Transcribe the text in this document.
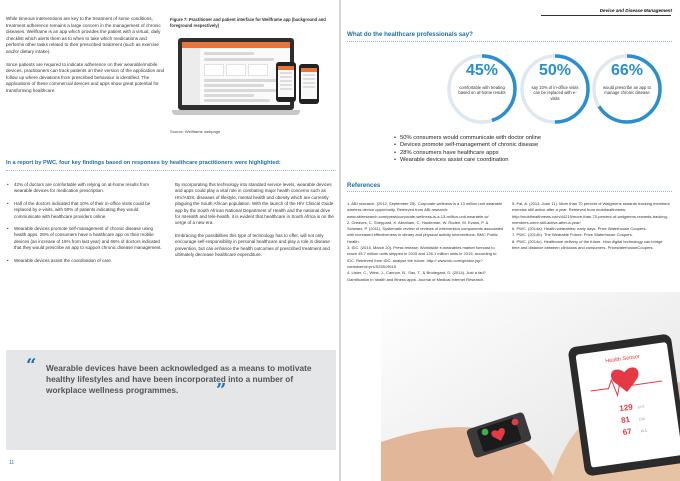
While timeous interventions are key to the treatment of some conditions, treatment adherence remains a large concern in the management of chronic diseases. Wellframe is an app which provides the patient with a virtual, daily checklist which alerts them as to when to take which medications and performs other tasks related to their prescribed treatment (such as exercise and/or dietary intake).

Since patients are required to indicate adherence on their wearable/mobile devices, practitioners can track patients on their version of the application and follow up where deviations from prescribed behaviour is identified. The applications of these commercial devices and apps show great potential for transforming healthcare.

Figure 7: Practitioner and patient interface for Wellframe app (background and foreground respectively)
Source: Wellframe webpage
In a report by PWC, four key findings based on responses by healthcare practitioners were highlighted:
• 42% of doctors are comfortable with relying on at-home results from wearable devices for medication prescription.
• Half of the doctors indicated that 10% of their in-office visits could be replaced by e-visits, with 50% of patients indicating they would communicate with healthcare providers online.
• Wearable devices promote self-management of chronic disease using health apps. 28% of consumers have a healthcare app on their mobile devices (an increase of 16% from last year) and 66% of doctors indicated that they would prescribe an app to support chronic disease management.
• Wearable devices assist the coordination of care.

By incorporating this technology into standard service levels, wearable devices and apps could play a vital role in combating major health concerns such as HIV/AIDS, diseases of lifestyle, mental health and obesity which are currently plaguing the South African population. With the launch of the HIV Clinical Guide app by the South African National Department of Health and the national drive for mHealth and tele-health, it is evident that healthcare in South Africa is on the verge of a new era.

Embracing the possibilities this type of technology has to offer, will not only encourage self-responsibility in personal healthcare and play a role in disease prevention, but can enhance the health outcomes of prescribed treatment and ultimately decrease healthcare expenditure.

“ Wearable devices have been acknowledged as a means to motivate healthy lifestyles and have been incorporated into a number of workplace wellness programmes.	”
11
Device and Disease Management
What do the healthcare professionals say?
45%
comfortable with treating based on at-home results
50%
say 10% of in-office visits can be replaced with e-visits
66%
would prescribe an app to manage chronic disease
• 50% consumers would communicate with doctor online
• Devices promote self-management of chronic disease
• 28% consumers have healthcare apps
• Wearable devices assist care coordination
References

1. ABI research. (2012, September 25). Corporate wellness is a 13 million unit wearable wireless device opportunity. Retrieved from ABI research: www.abiresearch.com/press/corporate-wellness-is-a-13-million-unit-wearable-w/

2. Greaves, C. Sheppard, K. Abraham, C. Hardeman, W. Roden, M. Evans, P. & Schwarz, P. (2011). Systematic review of reviews of intervention components associated with increased effectiveness in dietary and physical activity interventions. BMC Public Health.

3. IDC. (2015, March 20). Press release: Worldwide e-wearables market forecast to reach 45.7 million units shipped in 2015 and 126.1 million units in 2019, according to IDC. Retrieved from IDC: analyse the future: http:// www.idc.com/getdoc.jsp?containerId=prUS25519615

4. Lister, C., West, J., Cannon, B., Sax, T., & Brodegard, D. (2014). Just a fad? Gamification in health and fitness apps. Journal of Medical Internet Research.

5. Pai, A. (2013, June 11). More than 70 percent of Walgreens rewards tracking members exercise still active after a year. Retrieved from mobihealthnews: http://mobihealthnews.com/44219/more-than-70-percent-of-walgreens-rewards-tracking-members-were-still-active-after-a-year/

6. PWC. (2014a). Health wearables: early days. Price Waterhouse Coopers.

7. PWC. (2014b). The Wearable Future. Price Waterhouse Coopers.

8. PWC. (2014c). Healthcare delivery of the future. How digital technology can bridge time and distance between clinicians and consumers. PricewaterhouseCoopers.

Health Sensor
129 SYS
81 DIA
67 PUL
